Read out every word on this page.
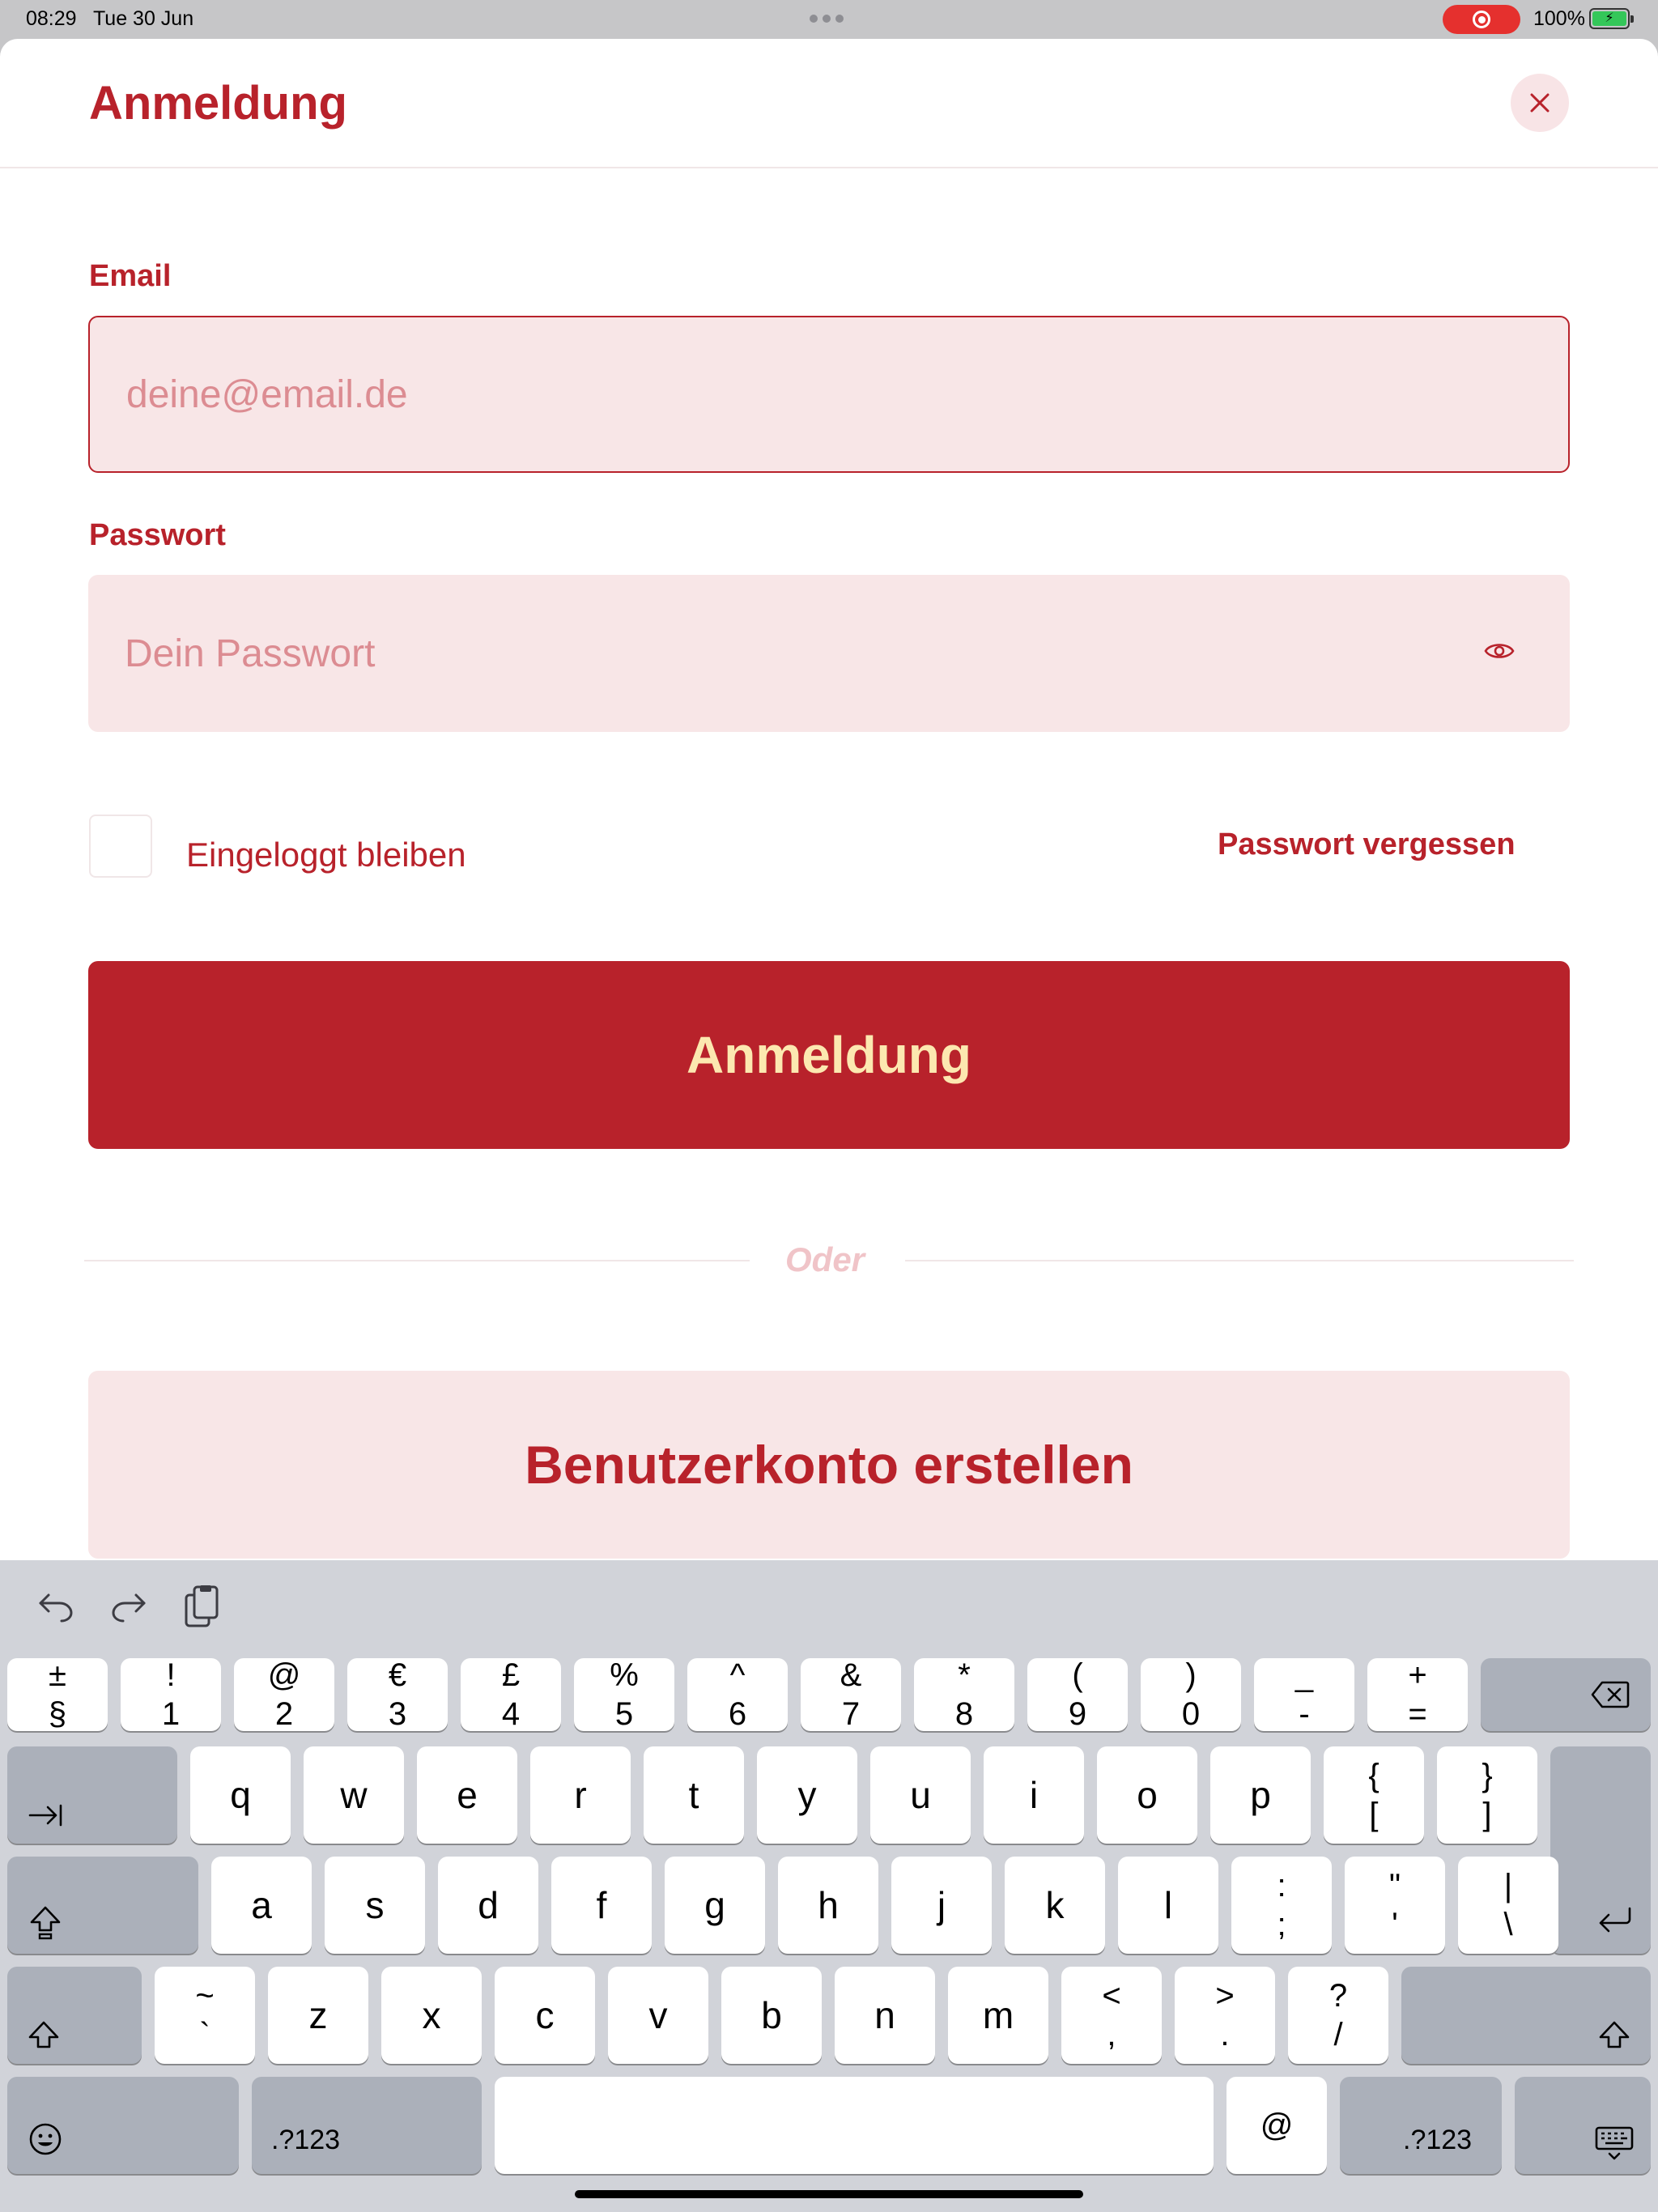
08:29 Tue 30 Jun	100%	⚡
Anmeldung
Email
deine@email.de
Passwort
Eingeloggt bleiben	Passwort vergessen
Anmeldung
Oder
Benutzerkonto erstellen
±
§
!
1
@
2
€
3
£
4
%
5
^
6
&
7
*
8
(
9
)
0
_
-
+
=
q w e	r	t	y	u	i	o p	{
[
}
]
a	s	d	f	g h	j	k	l	:
;
"
'
|
\
~
`	z	x	c	v	b n m	<
,
>
.
?
/
.?123	@	.?123
